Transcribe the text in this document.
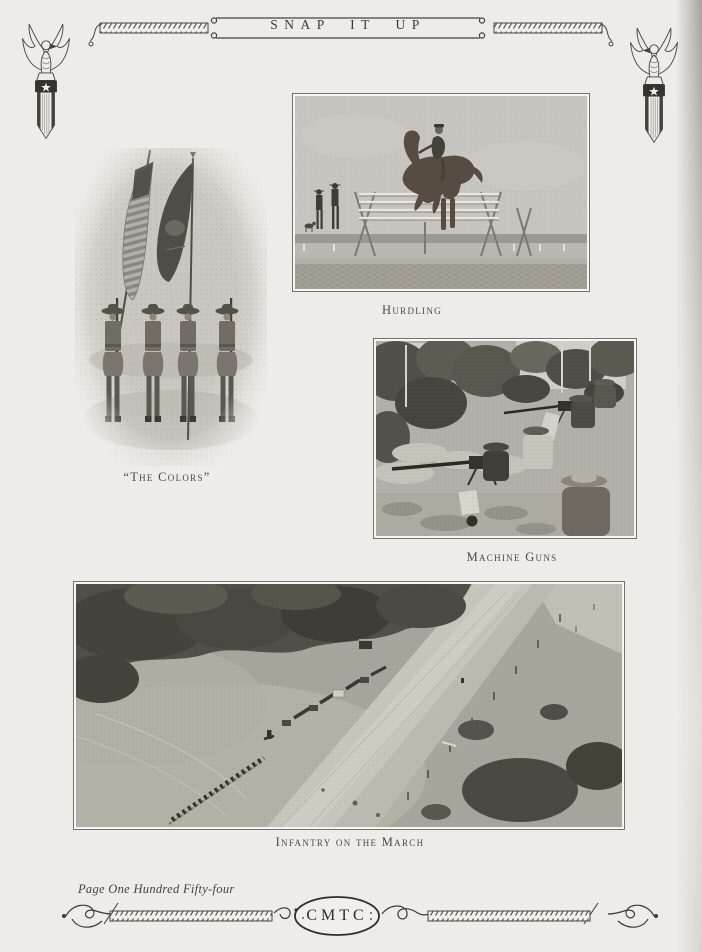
SNAP IT UP
“The Colors”
Hurdling
Machine Guns
Infantry on the March
Page One Hundred Fifty-four
CMTC
